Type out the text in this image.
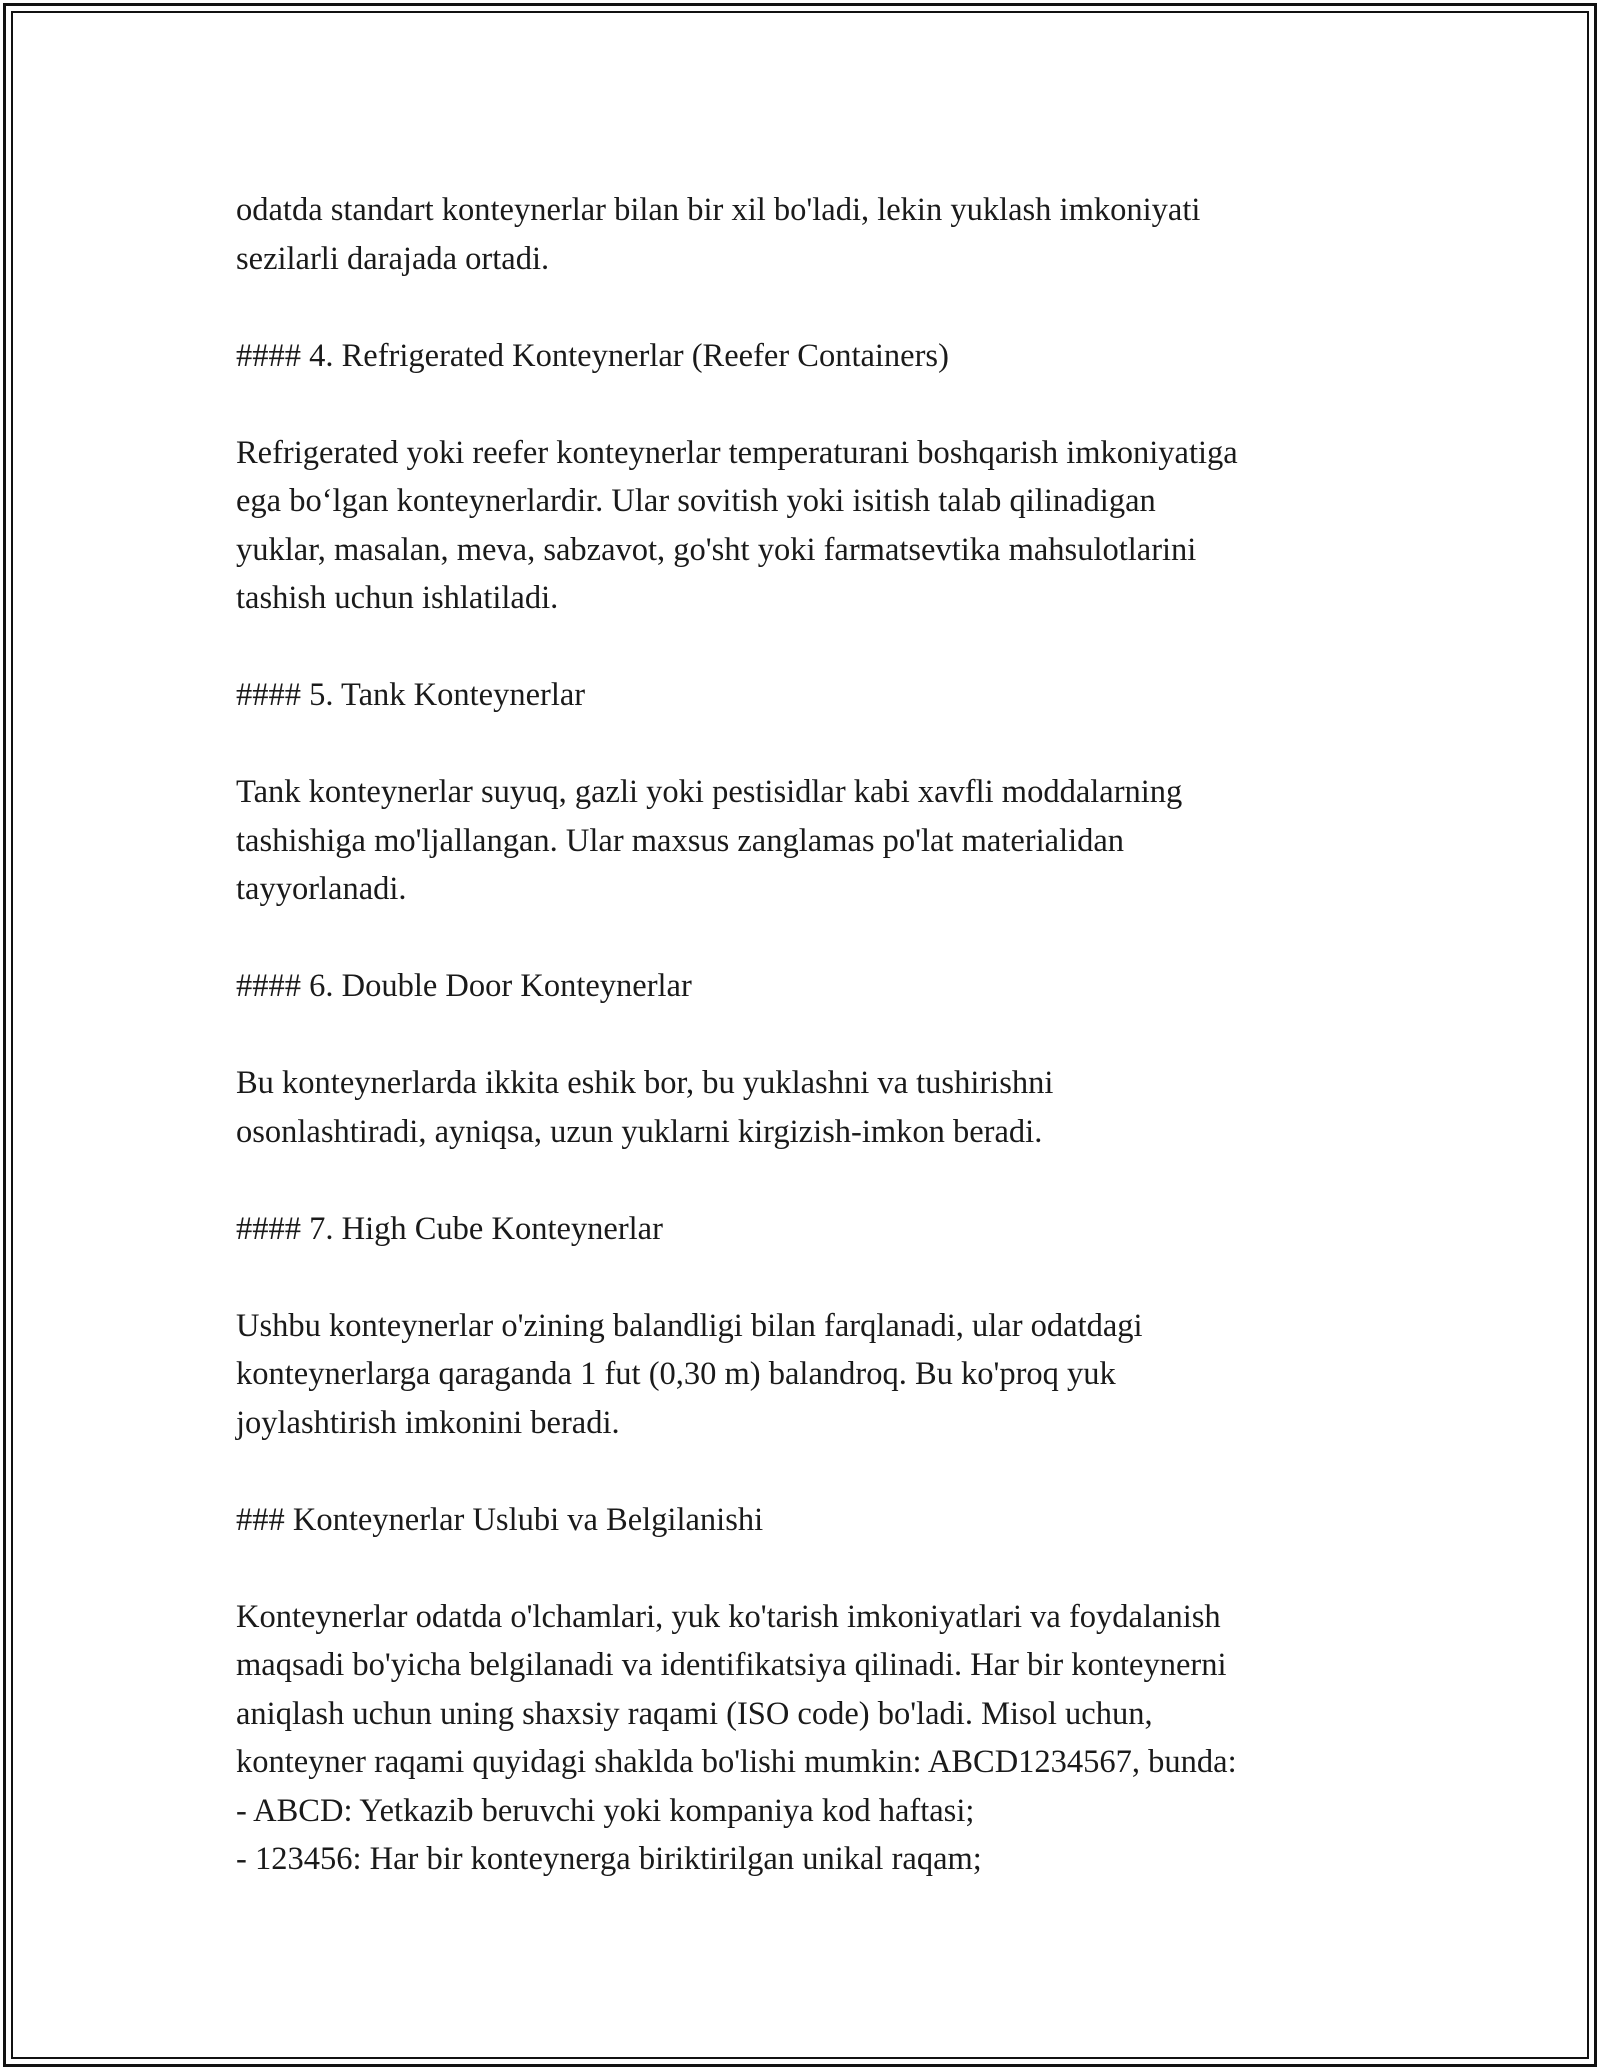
odatda standart konteynerlar bilan bir xil bo'ladi, lekin yuklash imkoniyati
sezilarli darajada ortadi.

#### 4. Refrigerated Konteynerlar (Reefer Containers)

Refrigerated yoki reefer konteynerlar temperaturani boshqarish imkoniyatiga
ega bo‘lgan konteynerlardir. Ular sovitish yoki isitish talab qilinadigan
yuklar, masalan, meva, sabzavot, go'sht yoki farmatsevtika mahsulotlarini
tashish uchun ishlatiladi.

#### 5. Tank Konteynerlar

Tank konteynerlar suyuq, gazli yoki pestisidlar kabi xavfli moddalarning
tashishiga mo'ljallangan. Ular maxsus zanglamas po'lat materialidan
tayyorlanadi.

#### 6. Double Door Konteynerlar

Bu konteynerlarda ikkita eshik bor, bu yuklashni va tushirishni
osonlashtiradi, ayniqsa, uzun yuklarni kirgizish-imkon beradi.

#### 7. High Cube Konteynerlar

Ushbu konteynerlar o'zining balandligi bilan farqlanadi, ular odatdagi
konteynerlarga qaraganda 1 fut (0,30 m) balandroq. Bu ko'proq yuk
joylashtirish imkonini beradi.

### Konteynerlar Uslubi va Belgilanishi

Konteynerlar odatda o'lchamlari, yuk ko'tarish imkoniyatlari va foydalanish
maqsadi bo'yicha belgilanadi va identifikatsiya qilinadi. Har bir konteynerni
aniqlash uchun uning shaxsiy raqami (ISO code) bo'ladi. Misol uchun,
konteyner raqami quyidagi shaklda bo'lishi mumkin: ABCD1234567, bunda:
- ABCD: Yetkazib beruvchi yoki kompaniya kod haftasi;
- 123456: Har bir konteynerga biriktirilgan unikal raqam;
